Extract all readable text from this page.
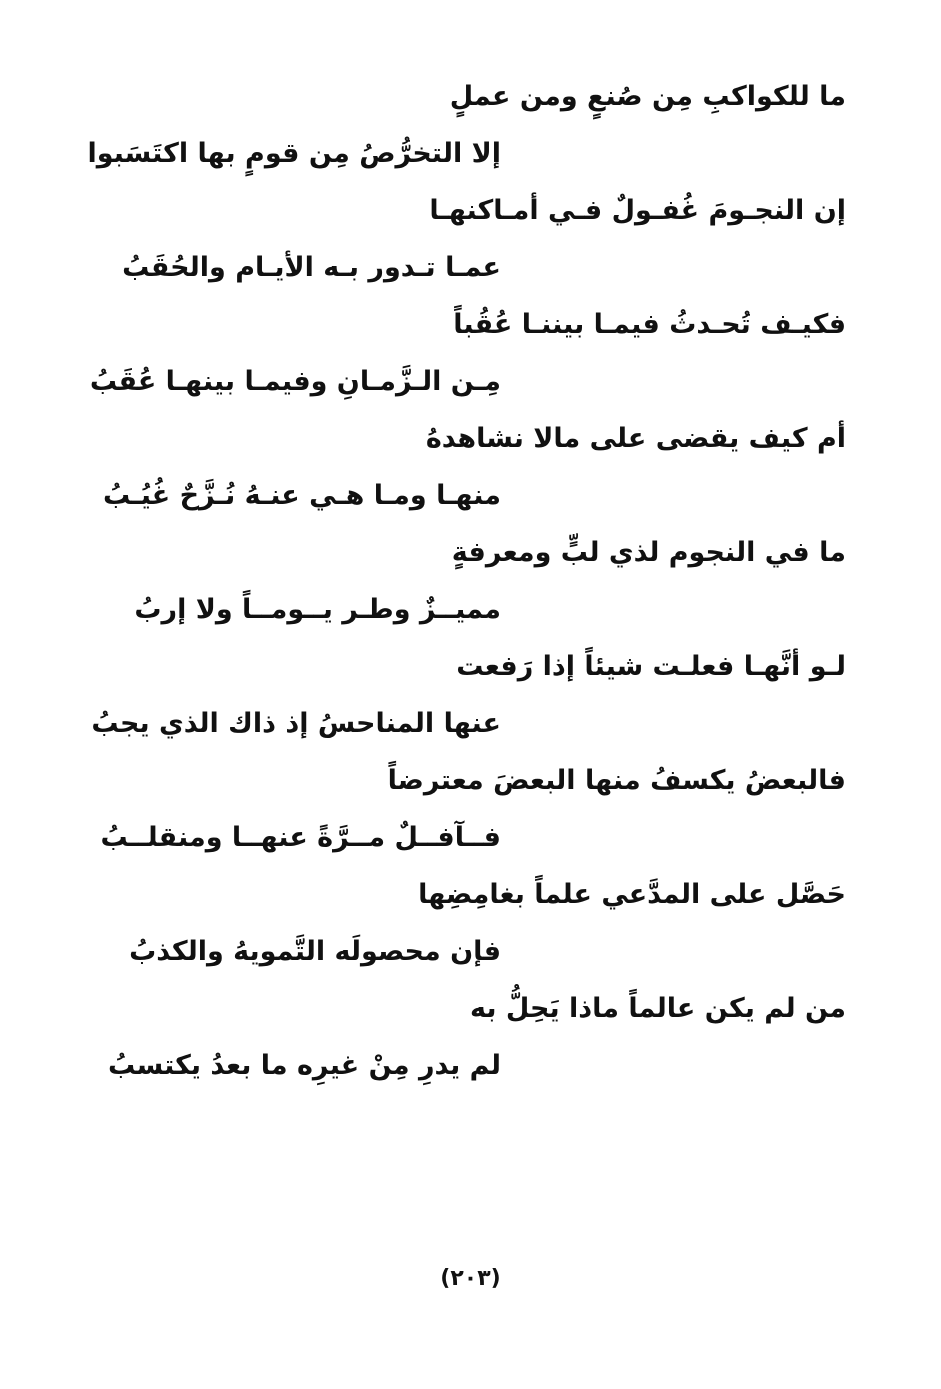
ما للكواكبِ مِن صُنعٍ ومن عملٍ
إلا التخرُّصُ مِن قومٍ بها اكتَسَبوا
إن النجـومَ غُفـولٌ فـي أمـاكنهـا
عمـا تـدور بـه الأيـام والحُقَبُ
فكيـف تُحـدثُ فيمـا بيننـا عُقُباً
مِـن الـزَّمـانِ وفيمـا بينهـا عُقَبُ
أم كيف يقضى على مالا نشاهدهُ
منهـا ومـا هـي عنـهُ نُـزَّحٌ غُيُـبُ
ما في النجوم لذي لبٍّ ومعرفةٍ
مميــزٌ وطـر يــومــاً ولا إربُ
لـو أنَّهـا فعلـت شيئاً إذا رَفعت
عنها المناحسُ إذ ذاك الذي يجبُ
فالبعضُ يكسفُ منها البعضَ معترضاً
فــآفــلٌ مــرَّةً عنهــا ومنقلــبُ
حَصَّل على المدَّعي علماً بغامِضِها
فإن محصولَه التَّمويهُ والكذبُ
من لم يكن عالماً ماذا يَحِلُّ به
لم يدرِ مِنْ غيرِه ما بعدُ يكتسبُ
(٢٠٣)
